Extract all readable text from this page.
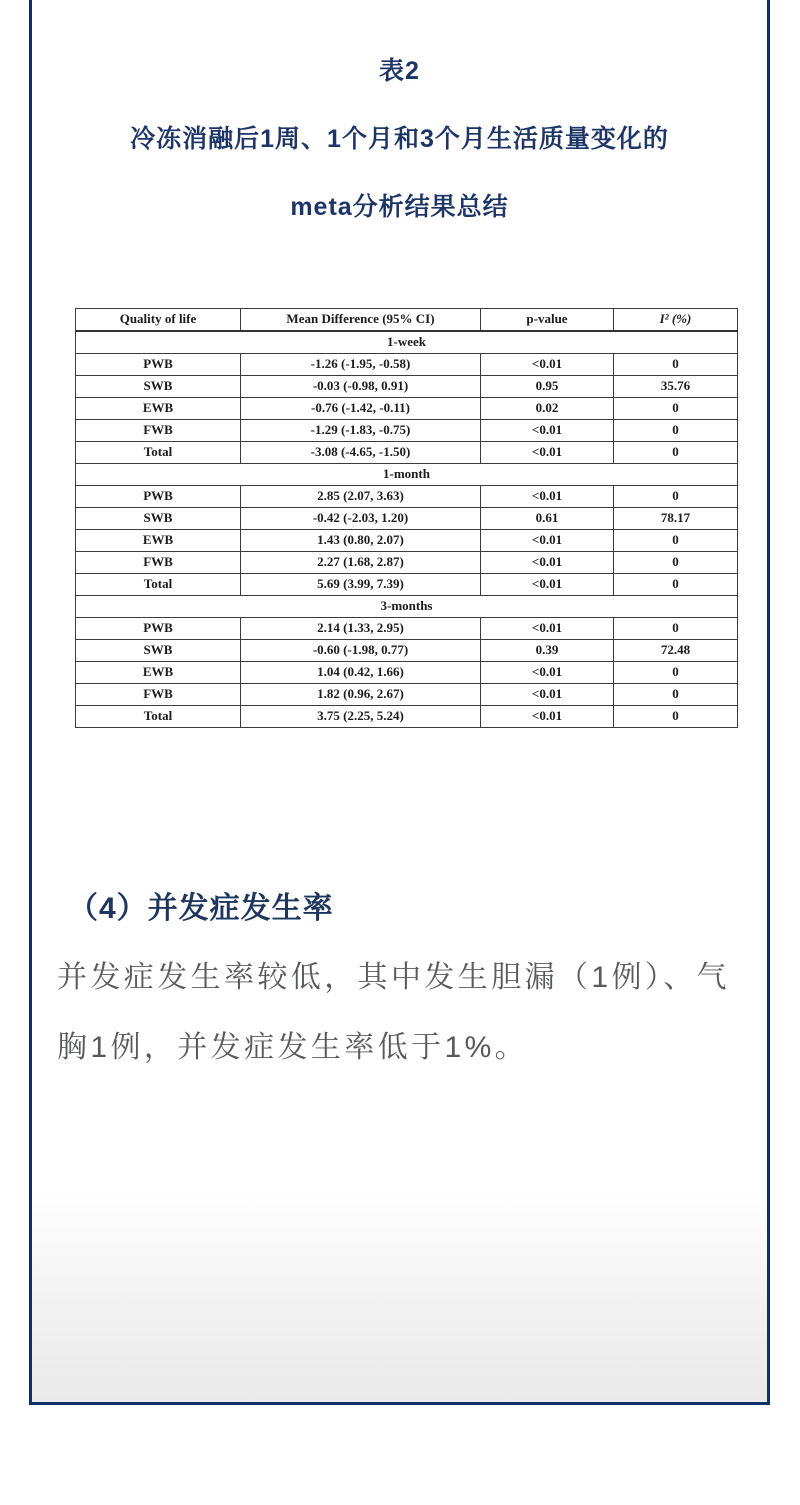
表2
冷冻消融后1周、1个月和3个月生活质量变化的
meta分析结果总结
Quality of life	Mean Difference (95% CI)	p-value	I² (%)
1-week			
PWB	-1.26 (-1.95, -0.58)	<0.01	0
SWB	-0.03 (-0.98, 0.91)	0.95	35.76
EWB	-0.76 (-1.42, -0.11)	0.02	0
FWB	-1.29 (-1.83, -0.75)	<0.01	0
Total	-3.08 (-4.65, -1.50)	<0.01	0
1-month			
PWB	2.85 (2.07, 3.63)	<0.01	0
SWB	-0.42 (-2.03, 1.20)	0.61	78.17
EWB	1.43 (0.80, 2.07)	<0.01	0
FWB	2.27 (1.68, 2.87)	<0.01	0
Total	5.69 (3.99, 7.39)	<0.01	0
3-months			
PWB	2.14 (1.33, 2.95)	<0.01	0
SWB	-0.60 (-1.98, 0.77)	0.39	72.48
EWB	1.04 (0.42, 1.66)	<0.01	0
FWB	1.82 (0.96, 2.67)	<0.01	0
Total	3.75 (2.25, 5.24)	<0.01	0
（4）并发症发生率

并发症发生率较低，其中发生胆漏（1例）、气
胸1例，并发症发生率低于1%。
